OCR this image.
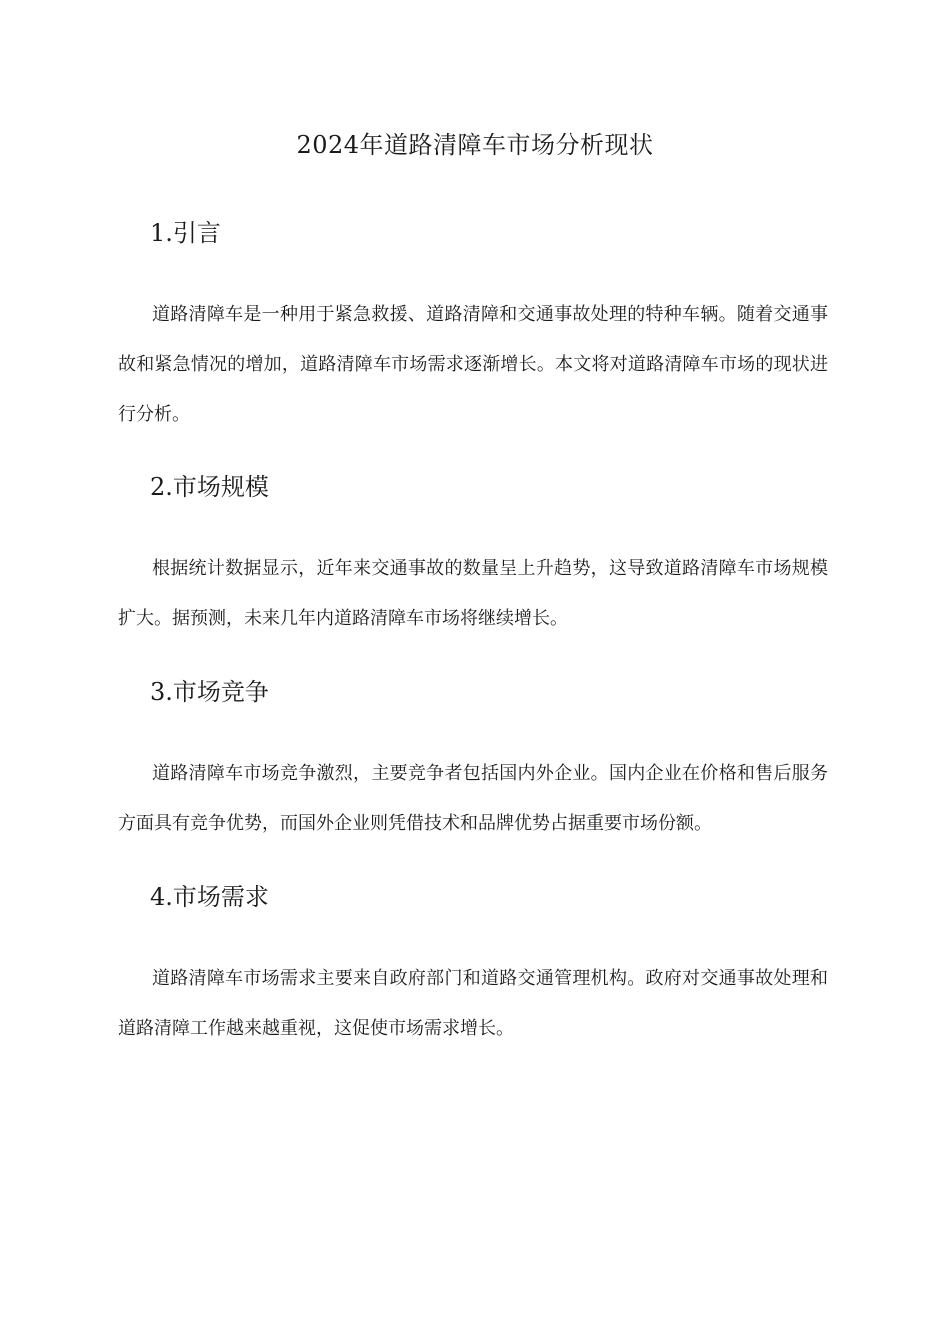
2024年道路清障车市场分析现状
1.引言

道路清障车是一种用于紧急救援、道路清障和交通事故处理的特种车辆。随着交通事故和紧急情况的增加，道路清障车市场需求逐渐增长。本文将对道路清障车市场的现状进行分析。

2.市场规模

根据统计数据显示，近年来交通事故的数量呈上升趋势，这导致道路清障车市场规模扩大。据预测，未来几年内道路清障车市场将继续增长。

3.市场竞争

道路清障车市场竞争激烈，主要竞争者包括国内外企业。国内企业在价格和售后服务方面具有竞争优势，而国外企业则凭借技术和品牌优势占据重要市场份额。

4.市场需求

道路清障车市场需求主要来自政府部门和道路交通管理机构。政府对交通事故处理和道路清障工作越来越重视，这促使市场需求增长。
